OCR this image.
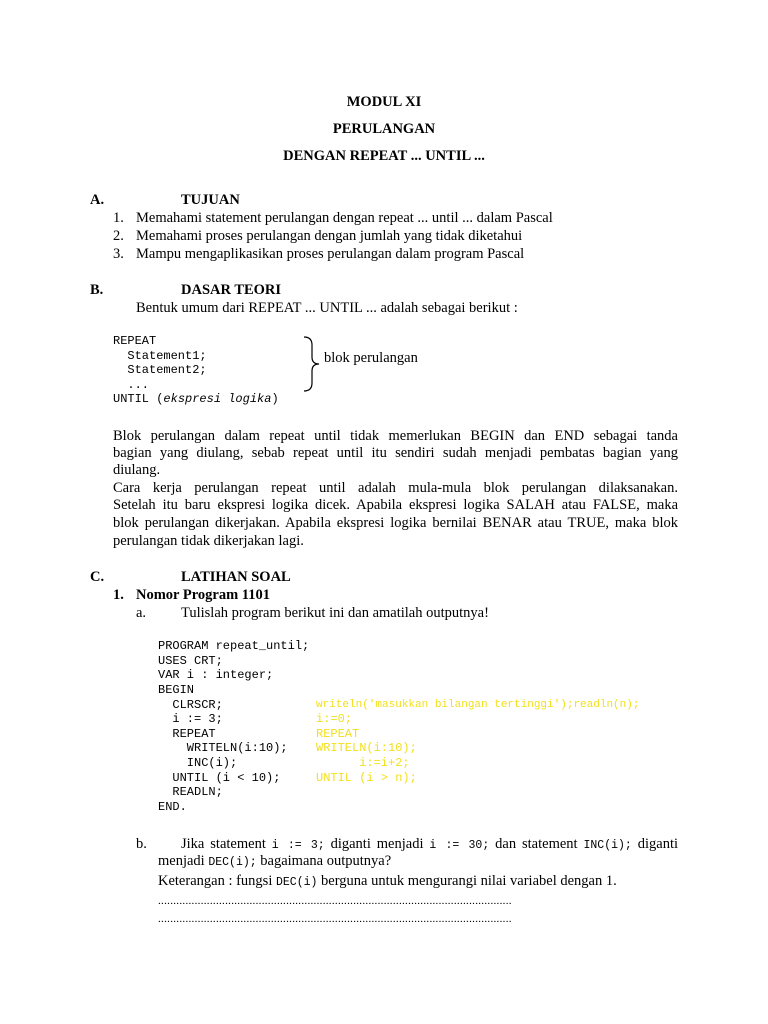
MODUL XI
PERULANGAN
DENGAN REPEAT ... UNTIL ...
A.	TUJUAN
1. Memahami statement perulangan dengan repeat ... until ... dalam Pascal
2. Memahami proses perulangan dengan jumlah yang tidak diketahui
3. Mampu mengaplikasikan proses perulangan dalam program Pascal
B.	DASAR TEORI
Bentuk umum dari REPEAT ... UNTIL ... adalah sebagai berikut :
REPEAT
Statement1;
Statement2;
...
UNTIL (ekspresi logika)
blok perulangan
Blok perulangan dalam repeat until tidak memerlukan BEGIN dan END sebagai tanda
bagian yang diulang, sebab repeat until itu sendiri sudah menjadi pembatas bagian yang
diulang.
Cara kerja perulangan repeat until adalah mula-mula blok perulangan dilaksanakan.
Setelah itu baru ekspresi logika dicek. Apabila ekspresi logika SALAH atau FALSE, maka
blok perulangan dikerjakan. Apabila ekspresi logika bernilai BENAR atau TRUE, maka blok
perulangan tidak dikerjakan lagi.
C.	LATIHAN SOAL
1. Nomor Program 1101
a. Tulislah program berikut ini dan amatilah outputnya!
PROGRAM repeat_until;
USES CRT;
VAR i : integer;
BEGIN
CLRSCR;
i := 3;
REPEAT
WRITELN(i:10);
INC(i);
UNTIL (i < 10);
READLN;
END.
writeln('masukkan bilangan tertinggi');readln(n);
i:=0;
REPEAT
WRITELN(i:10);
i:=i+2;
UNTIL (i > n);
b. Jika statement i := 3; diganti menjadi i := 30; dan statement INC(i); diganti
menjadi DEC(i); bagaimana outputnya?
Keterangan : fungsi DEC(i) berguna untuk mengurangi nilai variabel dengan 1.
....................................................................................................................
....................................................................................................................
